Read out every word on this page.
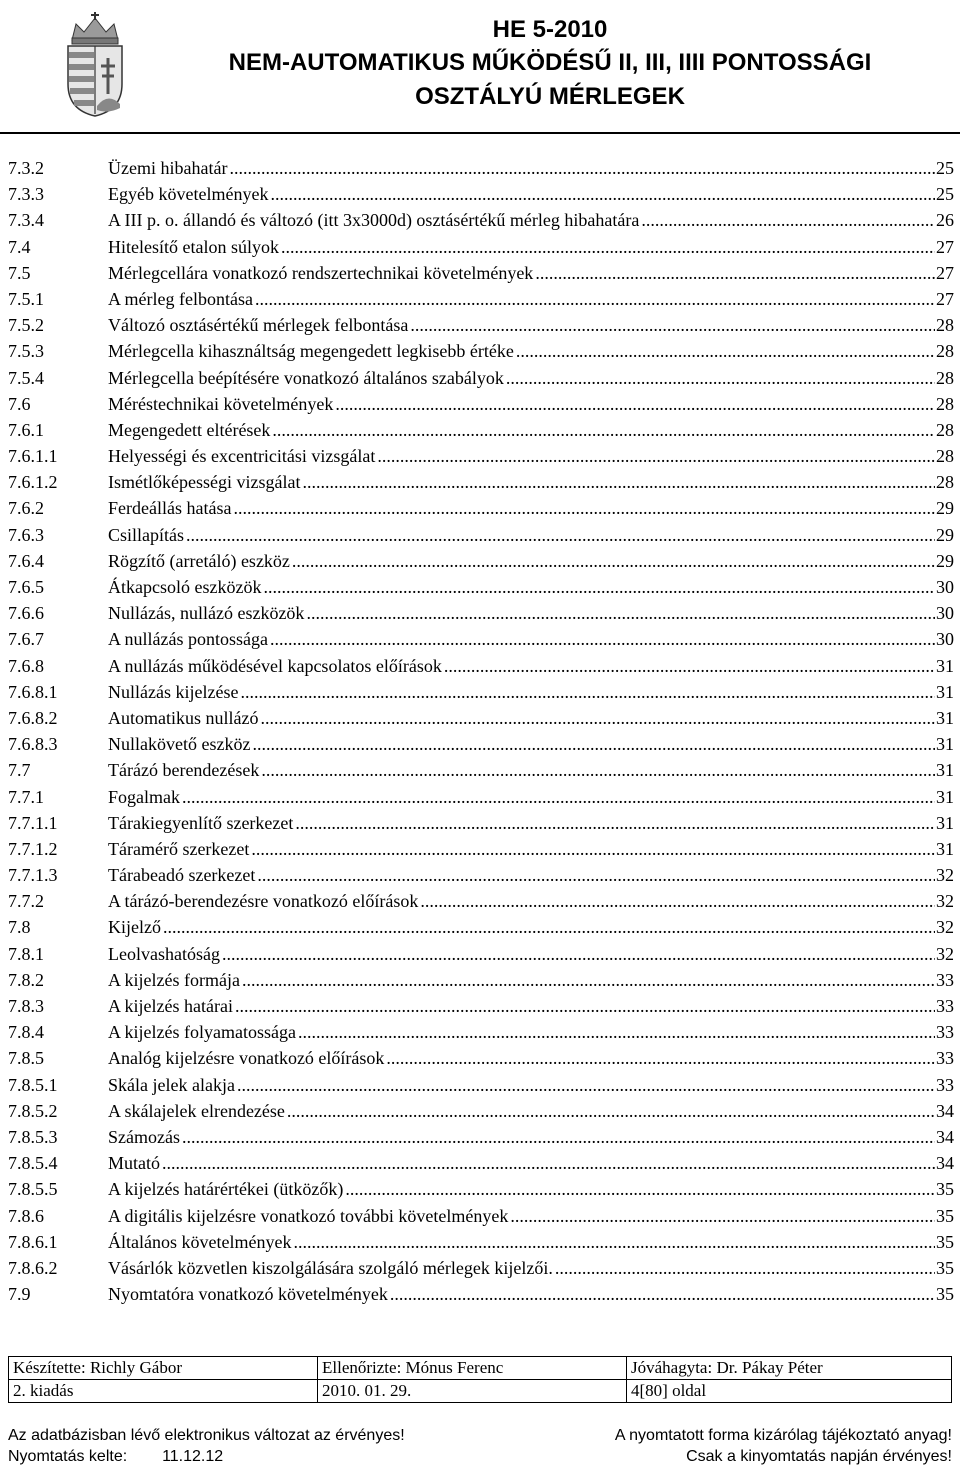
HE 5-2010
NEM-AUTOMATIKUS MŰKÖDÉSŰ II, III, IIII PONTOSSÁGI
OSZTÁLYÚ MÉRLEGEK
7.3.2	Üzemi hibahatár .....	25
7.3.3	Egyéb követelmények .....	25
7.3.4	A III p. o. állandó és változó (itt 3x3000d) osztásértékű mérleg hibahatára .....	26
7.4	Hitelesítő etalon súlyok .....	27
7.5	Mérlegcellára vonatkozó rendszertechnikai követelmények .....	27
7.5.1	A mérleg felbontása .....	27
7.5.2	Változó osztásértékű mérlegek felbontása .....	28
7.5.3	Mérlegcella kihasználtság megengedett legkisebb értéke .....	28
7.5.4	Mérlegcella beépítésére vonatkozó általános szabályok .....	28
7.6	Méréstechnikai követelmények .....	28
7.6.1	Megengedett eltérések .....	28
7.6.1.1	Helyességi és excentricitási vizsgálat .....	28
7.6.1.2	Ismétlőképességi vizsgálat .....	28
7.6.2	Ferdeállás hatása .....	29
7.6.3	Csillapítás .....	29
7.6.4	Rögzítő (arretáló) eszköz .....	29
7.6.5	Átkapcsoló eszközök .....	30
7.6.6	Nullázás, nullázó eszközök .....	30
7.6.7	A nullázás pontossága .....	30
7.6.8	A nullázás működésével kapcsolatos előírások .....	31
7.6.8.1	Nullázás kijelzése .....	31
7.6.8.2	Automatikus nullázó .....	31
7.6.8.3	Nullakövető eszköz .....	31
7.7	Tárázó berendezések .....	31
7.7.1	Fogalmak .....	31
7.7.1.1	Tárakiegyenlítő szerkezet .....	31
7.7.1.2	Táramérő szerkezet .....	31
7.7.1.3	Tárabeadó szerkezet .....	32
7.7.2	A tárázó-berendezésre vonatkozó előírások .....	32
7.8	Kijelző .....	32
7.8.1	Leolvashatóság .....	32
7.8.2	A kijelzés formája .....	33
7.8.3	A kijelzés határai .....	33
7.8.4	A kijelzés folyamatossága .....	33
7.8.5	Analóg kijelzésre vonatkozó előírások .....	33
7.8.5.1	Skála jelek alakja .....	33
7.8.5.2	A skálajelek elrendezése .....	34
7.8.5.3	Számozás .....	34
7.8.5.4	Mutató .....	34
7.8.5.5	A kijelzés határértékei (ütközők) .....	35
7.8.6	A digitális kijelzésre vonatkozó további követelmények .....	35
7.8.6.1	Általános követelmények .....	35
7.8.6.2	Vásárlók közvetlen kiszolgálására szolgáló mérlegek kijelzői. .....	35
7.9	Nyomtatóra vonatkozó követelmények .....	35
Készítette: Richly Gábor	Ellenőrizte: Mónus Ferenc	Jóváhagyta: Dr. Pákay Péter
2. kiadás	2010. 01. 29.	4[80] oldal
Az adatbázisban lévő elektronikus változat az érvényes!	A nyomtatott forma kizárólag tájékoztató anyag!
Nyomtatás kelte: 11.12.12	Csak a kinyomtatás napján érvényes!
